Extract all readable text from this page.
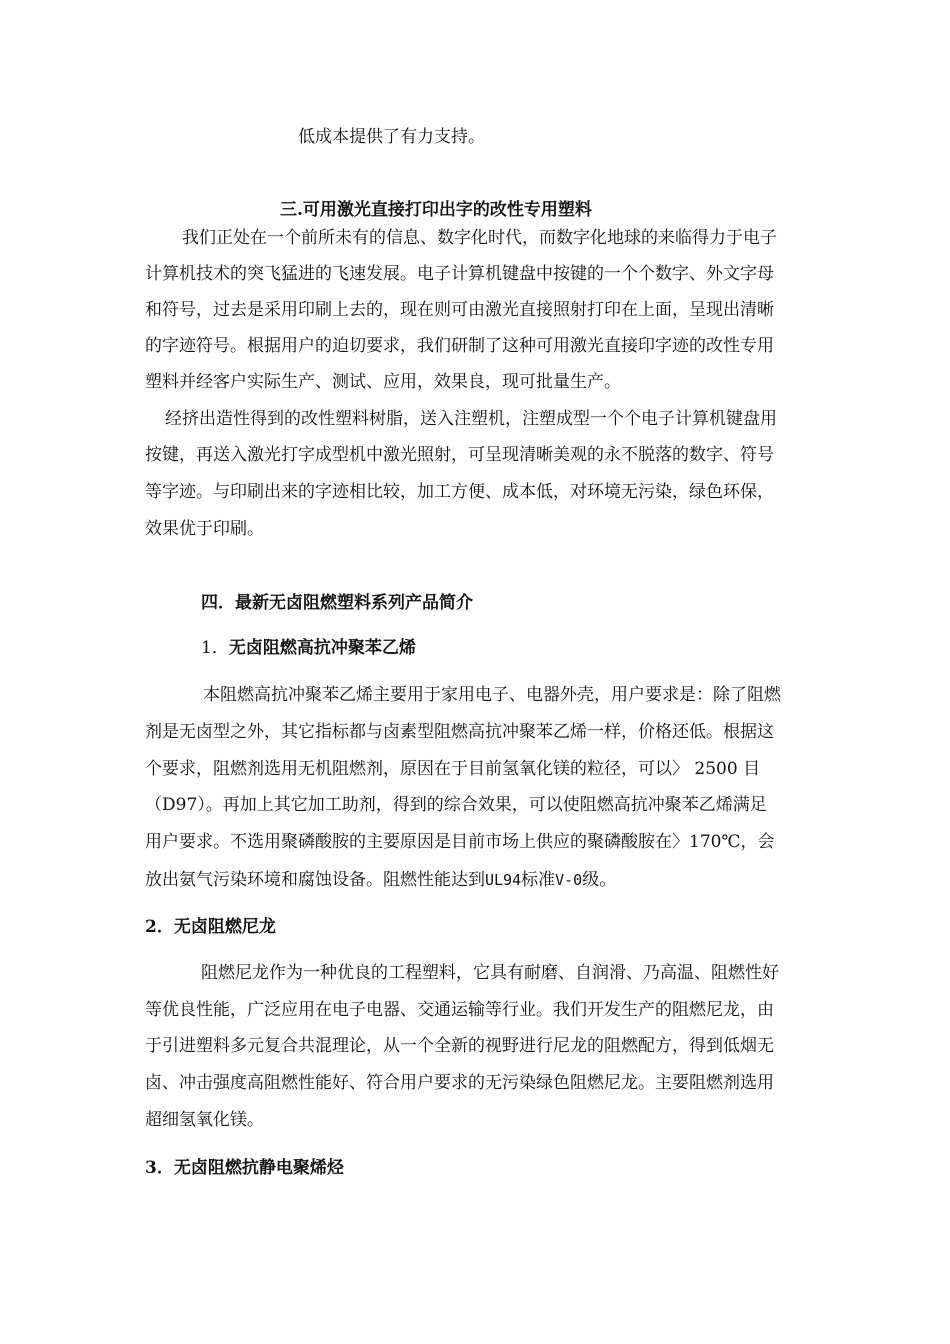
低成本提供了有力支持。

三.可用激光直接打印出字的改性专用塑料

我们正处在一个前所未有的信息、数字化时代，而数字化地球的来临得力于电子

计算机技术的突飞猛进的飞速发展。电子计算机键盘中按键的一个个数字、外文字母

和符号，过去是采用印刷上去的，现在则可由激光直接照射打印在上面，呈现出清晰

的字迹符号。根据用户的迫切要求，我们研制了这种可用激光直接印字迹的改性专用

塑料并经客户实际生产、测试、应用，效果良，现可批量生产。

经挤出造性得到的改性塑料树脂，送入注塑机，注塑成型一个个电子计算机键盘用

按键，再送入激光打字成型机中激光照射，可呈现清晰美观的永不脱落的数字、符号

等字迹。与印刷出来的字迹相比较，加工方便、成本低，对环境无污染，绿色环保，

效果优于印刷。

四．最新无卤阻燃塑料系列产品简介

1．无卤阻燃高抗冲聚苯乙烯

本阻燃高抗冲聚苯乙烯主要用于家用电子、电器外壳，用户要求是：除了阻燃

剂是无卤型之外，其它指标都与卤素型阻燃高抗冲聚苯乙烯一样，价格还低。根据这

个要求，阻燃剂选用无机阻燃剂，原因在于目前氢氧化镁的粒径，可以〉 2500 目

（D97）。再加上其它加工助剂，得到的综合效果，可以使阻燃高抗冲聚苯乙烯满足

用户要求。不选用聚磷酸胺的主要原因是目前市场上供应的聚磷酸胺在〉170℃，会

放出氨气污染环境和腐蚀设备。阻燃性能达到UL94标准V-0级。

2．无卤阻燃尼龙

阻燃尼龙作为一种优良的工程塑料，它具有耐磨、自润滑、乃高温、阻燃性好

等优良性能，广泛应用在电子电器、交通运输等行业。我们开发生产的阻燃尼龙，由

于引进塑料多元复合共混理论，从一个全新的视野进行尼龙的阻燃配方，得到低烟无

卤、冲击强度高阻燃性能好、符合用户要求的无污染绿色阻燃尼龙。主要阻燃剂选用

超细氢氧化镁。

3．无卤阻燃抗静电聚烯烃
